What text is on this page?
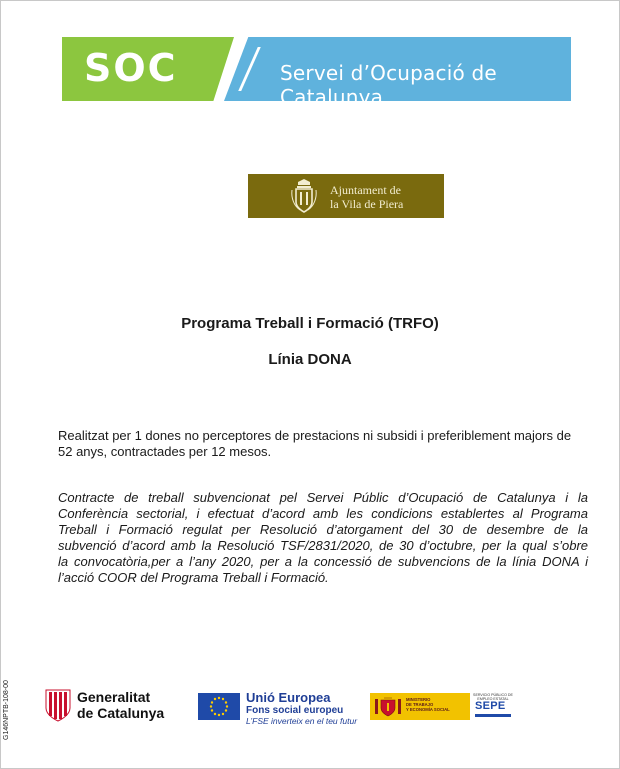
SOC	Servei d’Ocupació de Catalunya
Ajuntament de
la Vila de Piera
Programa Treball i Formació (TRFO)
Línia DONA
Realitzat per 1 dones no perceptores de prestacions ni subsidi i preferiblement majors de 52 anys, contractades per 12 mesos.
Contracte de treball subvencionat pel Servei Públic d’Ocupació de Catalunya i la
Conferència sectorial, i efectuat d’acord amb les condicions establertes al Programa
Treball i Formació regulat per Resolució d’atorgament del 30 de desembre de la
subvenció d’acord amb la Resolució TSF/2831/2020, de 30 d’octubre, per la qual s’obre
la convocatòria,per a l’any 2020, per a la concessió de subvencions de la línia DONA i
l’acció COOR del Programa Treball i Formació.
G146NPTB-108-00	Generalitat
de Catalunya
Unió Europea
Fons social europeu
L’FSE inverteix en el teu futur
MINISTERIO
DE TRABAJO
Y ECONOMÍA SOCIAL
SERVICIO PÚBLICO DE EMPLEO ESTATAL
SEPE
